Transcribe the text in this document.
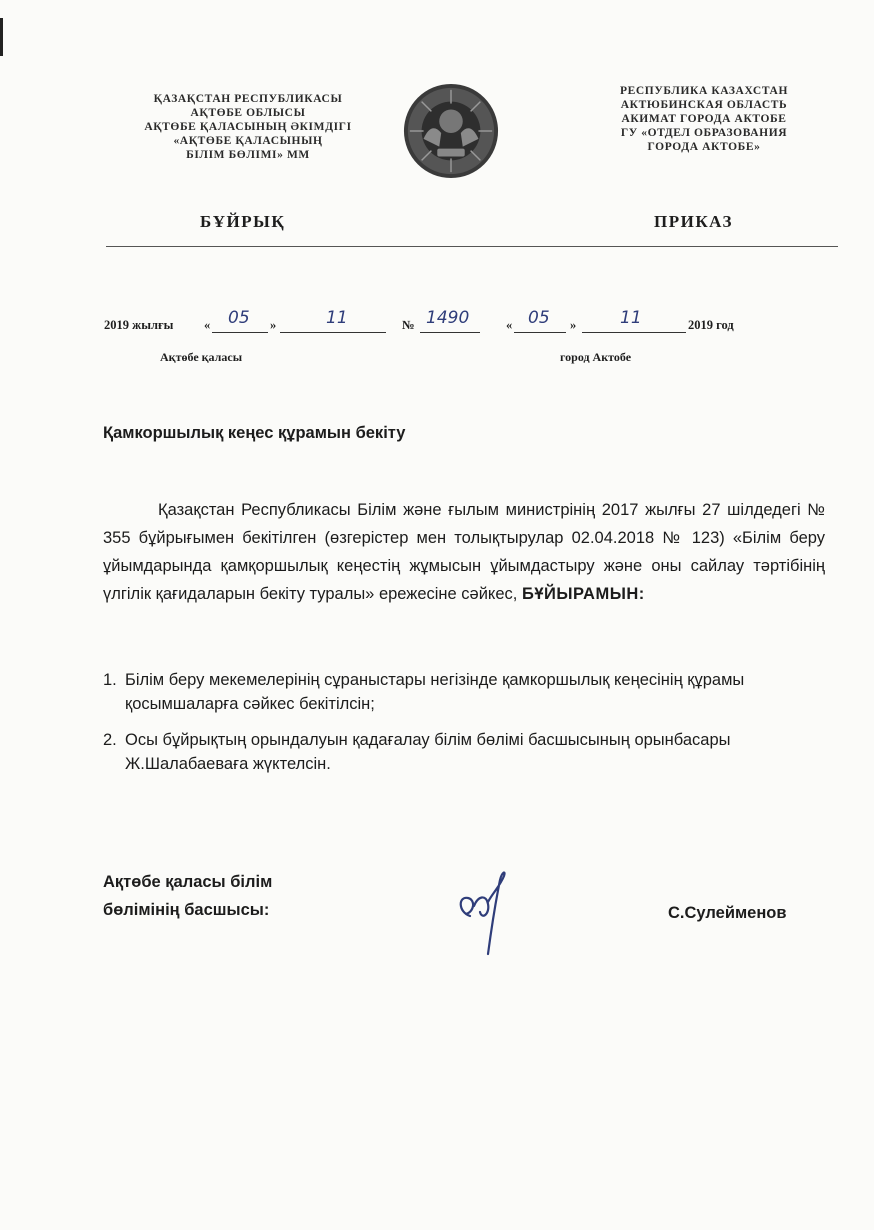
ҚАЗАҚСТАН РЕСПУБЛИКАСЫ
АҚТӨБЕ ОБЛЫСЫ
АҚТӨБЕ ҚАЛАСЫНЫҢ ӘКІМДІГІ
«АҚТӨБЕ ҚАЛАСЫНЫҢ
БІЛІМ БӨЛІМІ» ММ
РЕСПУБЛИКА КАЗАХСТАН
АКТЮБИНСКАЯ ОБЛАСТЬ
АКИМАТ ГОРОДА АКТОБЕ
ГУ «ОТДЕЛ ОБРАЗОВАНИЯ
ГОРОДА АКТОБЕ»
БҰЙРЫҚ	ПРИКАЗ
2019 жылғы « 05 »	11	№ 1490	« 05 »	11	2019 год
Ақтөбе қаласы	город Актобе
Қамкоршылық кеңес құрамын бекіту

Қазақстан Республикасы Білім және ғылым министрінің 2017 жылғы 27 шілдедегі № 355 бұйрығымен бекітілген (өзгерістер мен толықтырулар 02.04.2018 № 123) «Білім беру ұйымдарында қамқоршылық кеңестің жұмысын ұйымдастыру және оны сайлау тәртібінің үлгілік қағидаларын бекіту туралы» ережесіне сәйкес, БҰЙЫРАМЫН:

1. Білім беру мекемелерінің сұраныстары негізінде қамкоршылық кеңесінің құрамы қосымшаларға сәйкес бекітілсін;
2. Осы бұйрықтың орындалуын қадағалау білім бөлімі басшысының орынбасары Ж.Шалабаеваға жүктелсін.
Ақтөбе қаласы білім
бөлімінің басшысы:	С.Сулейменов
